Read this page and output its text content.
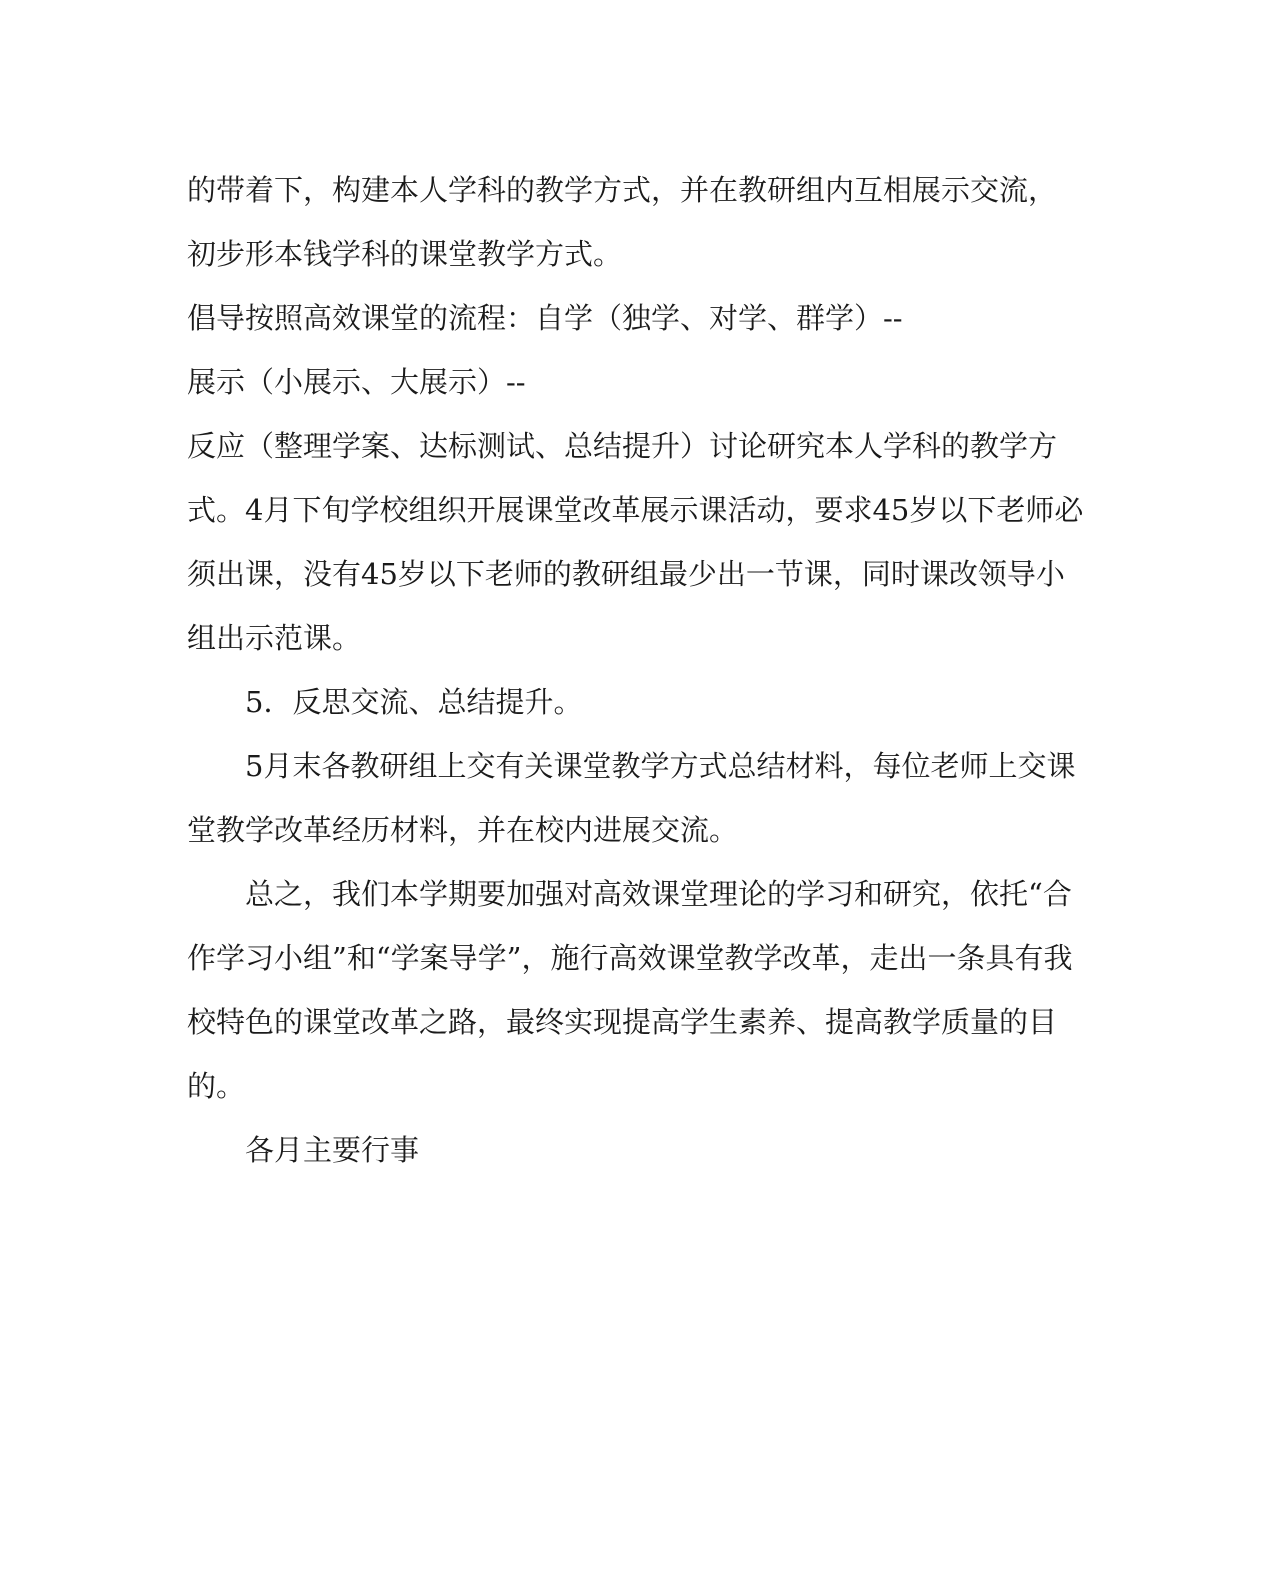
的带着下，构建本人学科的教学方式，并在教研组内互相展示交流，
初步形本钱学科的课堂教学方式。
倡导按照高效课堂的流程：自学（独学、对学、群学）--
展示（小展示、大展示）--
反应（整理学案、达标测试、总结提升）讨论研究本人学科的教学方
式。4月下旬学校组织开展课堂改革展示课活动，要求45岁以下老师必
须出课，没有45岁以下老师的教研组最少出一节课，同时课改领导小
组出示范课。
5．反思交流、总结提升。
5月末各教研组上交有关课堂教学方式总结材料，每位老师上交课
堂教学改革经历材料，并在校内进展交流。
总之，我们本学期要加强对高效课堂理论的学习和研究，依托“合
作学习小组”和“学案导学”，施行高效课堂教学改革，走出一条具有我
校特色的课堂改革之路，最终实现提高学生素养、提高教学质量的目
的。
各月主要行事
